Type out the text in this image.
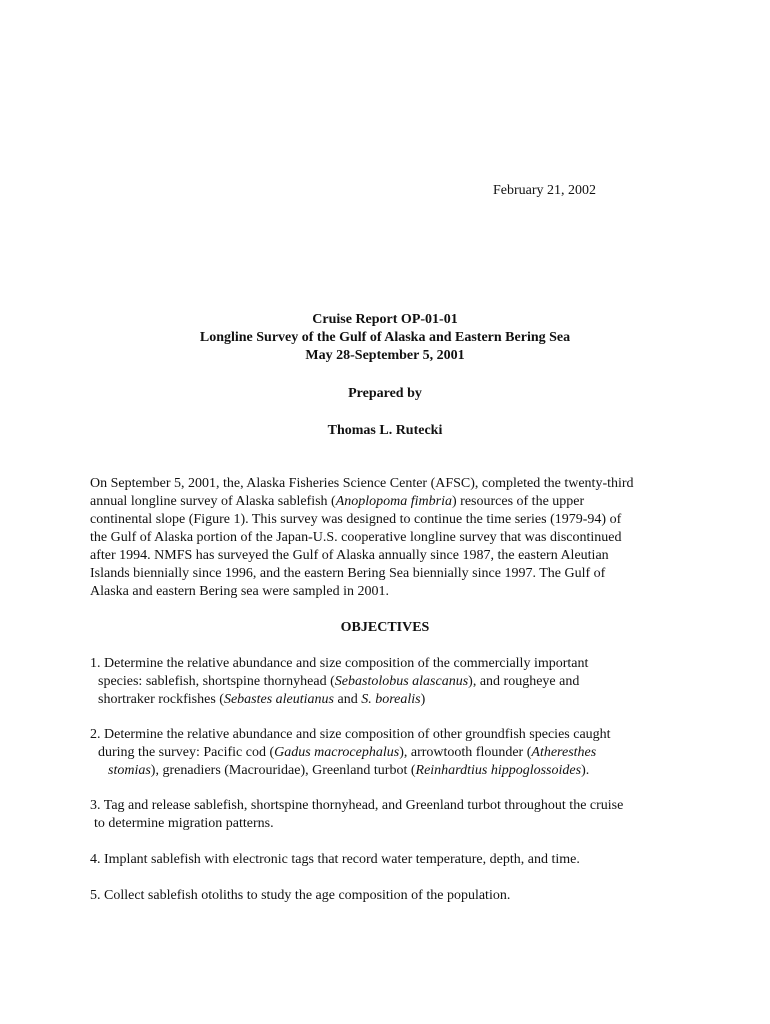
February 21, 2002
Cruise Report OP-01-01
Longline Survey of the Gulf of Alaska and Eastern Bering Sea
May 28-September 5, 2001
Prepared by
Thomas L. Rutecki
On September 5, 2001, the, Alaska Fisheries Science Center (AFSC), completed the twenty-third
annual longline survey of Alaska sablefish (Anoplopoma fimbria) resources of the upper
continental slope (Figure 1). This survey was designed to continue the time series (1979-94) of
the Gulf of Alaska portion of the Japan-U.S. cooperative longline survey that was discontinued
after 1994. NMFS has surveyed the Gulf of Alaska annually since 1987, the eastern Aleutian
Islands biennially since 1996, and the eastern Bering Sea biennially since 1997. The Gulf of
Alaska and eastern Bering sea were sampled in 2001.
OBJECTIVES
1. Determine the relative abundance and size composition of the commercially important
species: sablefish, shortspine thornyhead (Sebastolobus alascanus), and rougheye and
shortraker rockfishes (Sebastes aleutianus and S. borealis)
2. Determine the relative abundance and size composition of other groundfish species caught
during the survey: Pacific cod (Gadus macrocephalus), arrowtooth flounder (Atheresthes
stomias), grenadiers (Macrouridae), Greenland turbot (Reinhardtius hippoglossoides).
3. Tag and release sablefish, shortspine thornyhead, and Greenland turbot throughout the cruise
to determine migration patterns.
4. Implant sablefish with electronic tags that record water temperature, depth, and time.
5. Collect sablefish otoliths to study the age composition of the population.
